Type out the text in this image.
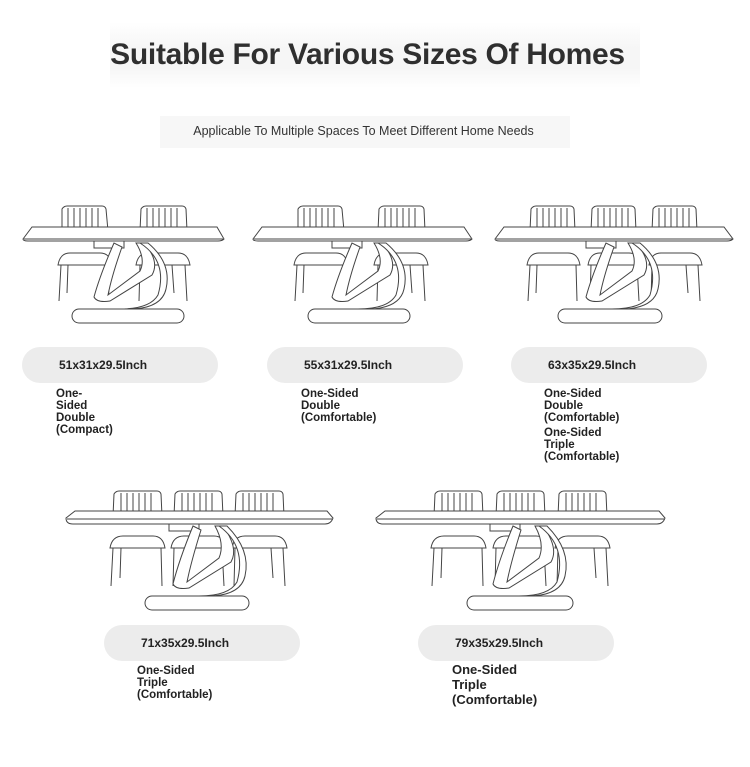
Suitable For Various Sizes Of Homes
Applicable To Multiple Spaces To Meet Different Home Needs
51x31x29.5Inch
One-Sided Double
(Compact)
55x31x29.5Inch
One-Sided Double
(Comfortable)
63x35x29.5Inch
One-Sided Double
(Comfortable)
One-Sided Triple
(Comfortable)
71x35x29.5Inch
One-Sided Triple
(Comfortable)
79x35x29.5Inch
One-Sided Triple
(Comfortable)
